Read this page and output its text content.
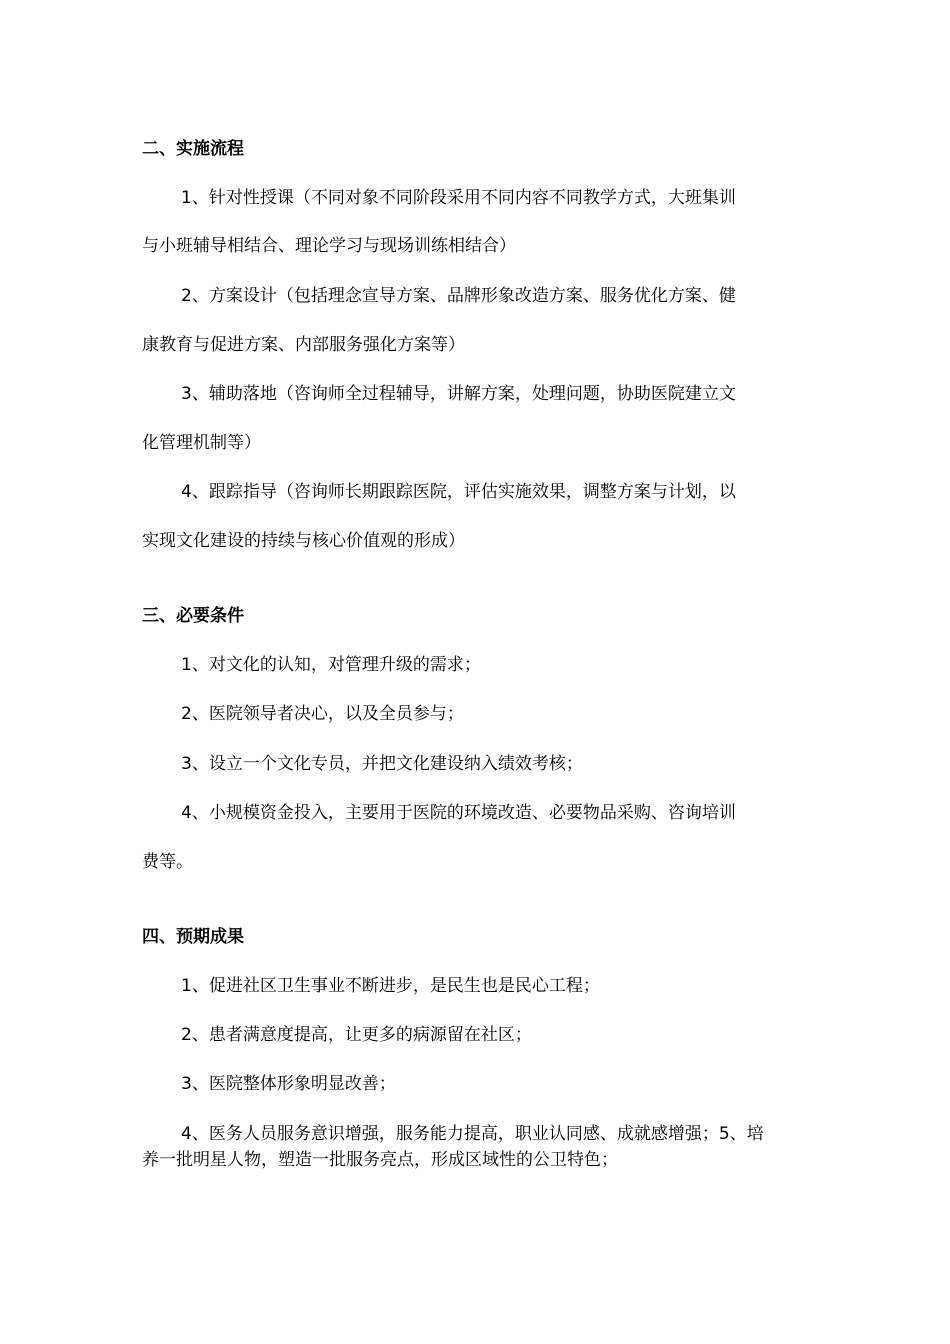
二、实施流程

1、针对性授课（不同对象不同阶段采用不同内容不同教学方式，大班集训

与小班辅导相结合、理论学习与现场训练相结合）

2、方案设计（包括理念宣导方案、品牌形象改造方案、服务优化方案、健

康教育与促进方案、内部服务强化方案等）

3、辅助落地（咨询师全过程辅导，讲解方案，处理问题，协助医院建立文

化管理机制等）

4、跟踪指导（咨询师长期跟踪医院，评估实施效果，调整方案与计划，以

实现文化建设的持续与核心价值观的形成）

三、必要条件

1、对文化的认知，对管理升级的需求；

2、医院领导者决心，以及全员参与；

3、设立一个文化专员，并把文化建设纳入绩效考核；

4、小规模资金投入，主要用于医院的环境改造、必要物品采购、咨询培训

费等。

四、预期成果

1、促进社区卫生事业不断进步，是民生也是民心工程；

2、患者满意度提高，让更多的病源留在社区；

3、医院整体形象明显改善；

4、医务人员服务意识增强，服务能力提高，职业认同感、成就感增强；5、培

养一批明星人物，塑造一批服务亮点，形成区域性的公卫特色；
